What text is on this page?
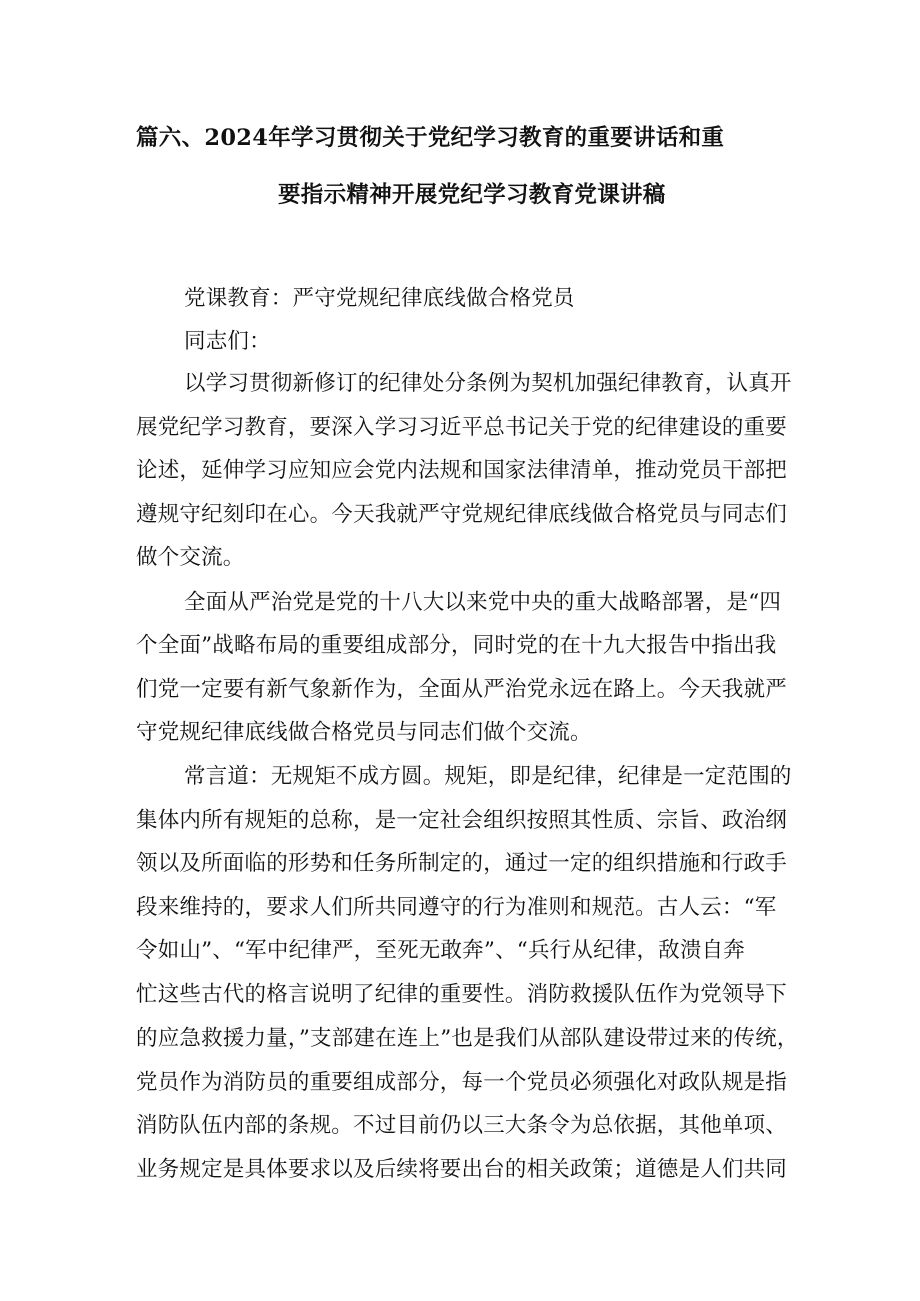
篇六、2024年学习贯彻关于党纪学习教育的重要讲话和重
要指示精神开展党纪学习教育党课讲稿
党课教育：严守党规纪律底线做合格党员
同志们：
以学习贯彻新修订的纪律处分条例为契机加强纪律教育，认真开
展党纪学习教育，要深入学习习近平总书记关于党的纪律建设的重要
论述，延伸学习应知应会党内法规和国家法律清单，推动党员干部把
遵规守纪刻印在心。今天我就严守党规纪律底线做合格党员与同志们
做个交流。
全面从严治党是党的十八大以来党中央的重大战略部署，是“四
个全面”战略布局的重要组成部分，同时党的在十九大报告中指出我
们党一定要有新气象新作为，全面从严治党永远在路上。今天我就严
守党规纪律底线做合格党员与同志们做个交流。
常言道：无规矩不成方圆。规矩，即是纪律，纪律是一定范围的
集体内所有规矩的总称，是一定社会组织按照其性质、宗旨、政治纲
领以及所面临的形势和任务所制定的，通过一定的组织措施和行政手
段来维持的，要求人们所共同遵守的行为准则和规范。古人云：“军
令如山”、“军中纪律严，至死无敢奔”、“兵行从纪律，敌溃自奔
忙这些古代的格言说明了纪律的重要性。消防救援队伍作为党领导下
的应急救援力量，”支部建在连上”也是我们从部队建设带过来的传统，
党员作为消防员的重要组成部分，每一个党员必须强化对政队规是指
消防队伍内部的条规。不过目前仍以三大条令为总依据，其他单项、
业务规定是具体要求以及后续将要出台的相关政策；道德是人们共同
